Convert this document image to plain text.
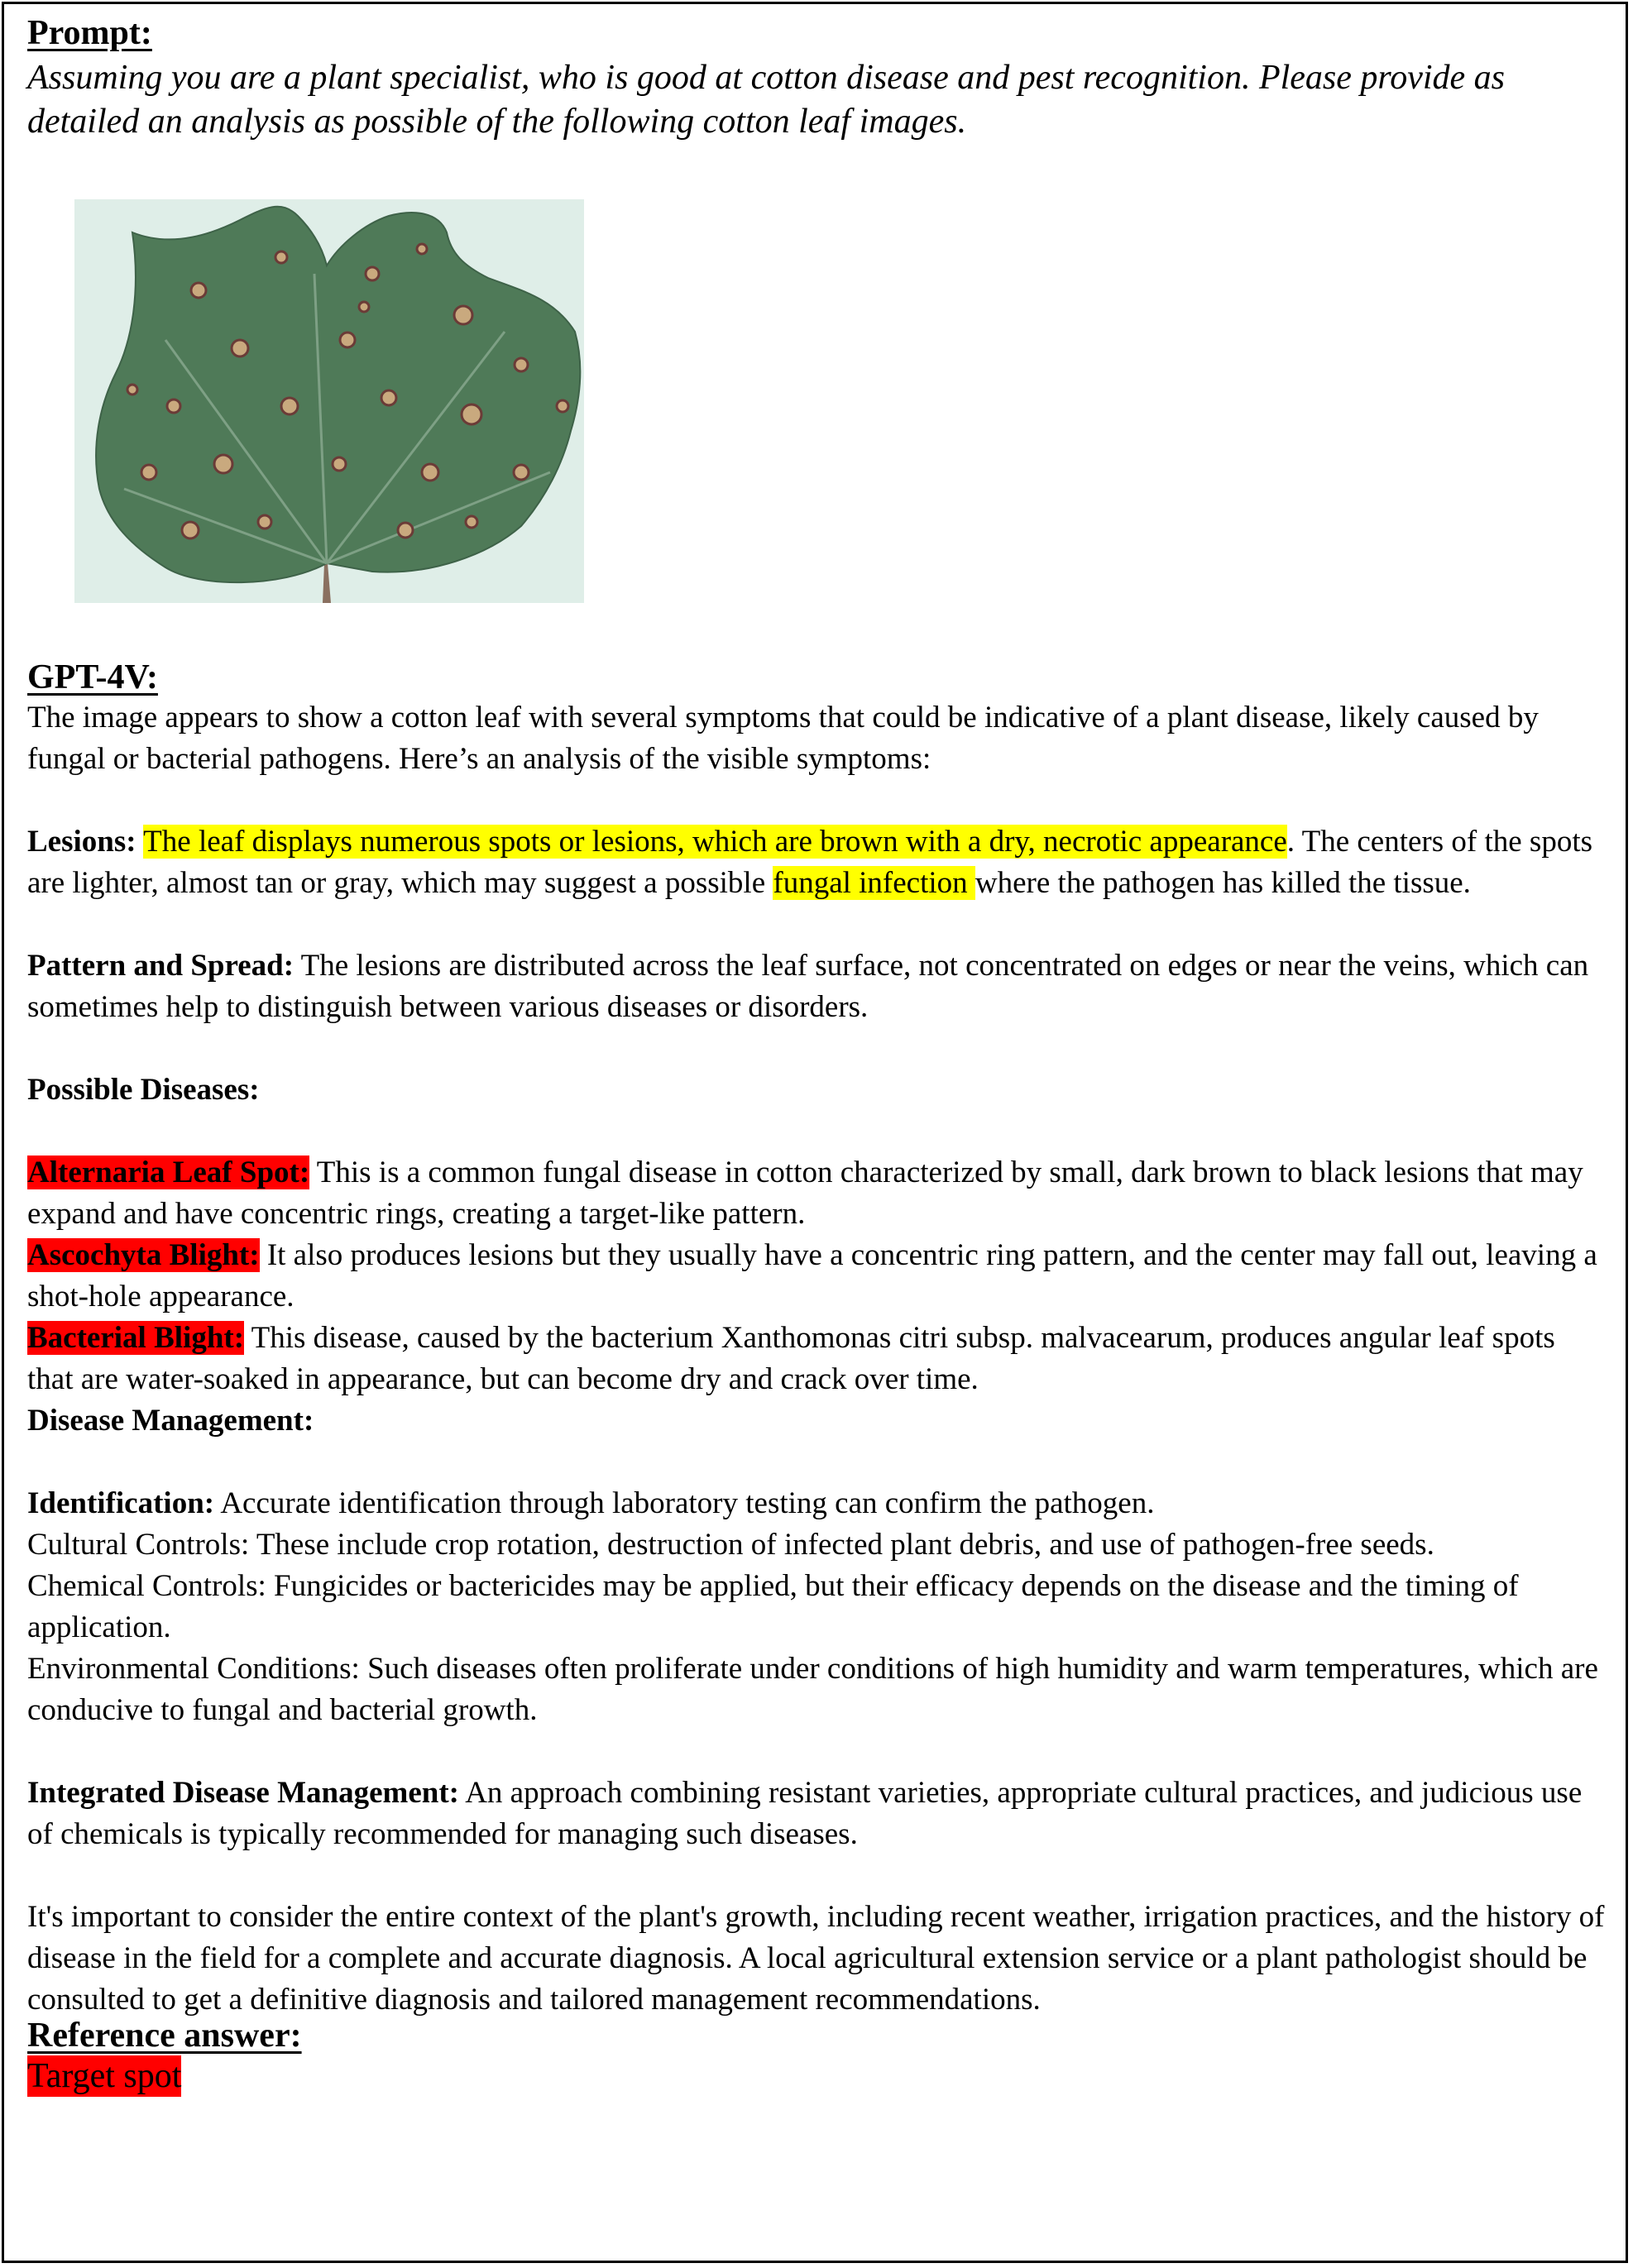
Prompt:
Assuming you are a plant specialist, who is good at cotton disease and pest recognition. Please provide as detailed an analysis as possible of the following cotton leaf images.
GPT-4V:

The image appears to show a cotton leaf with several symptoms that could be indicative of a plant disease, likely caused by fungal or bacterial pathogens. Here’s an analysis of the visible symptoms:

Lesions: The leaf displays numerous spots or lesions, which are brown with a dry, necrotic appearance. The centers of the spots are lighter, almost tan or gray, which may suggest a possible fungal infection where the pathogen has killed the tissue.

Pattern and Spread: The lesions are distributed across the leaf surface, not concentrated on edges or near the veins, which can sometimes help to distinguish between various diseases or disorders.

Possible Diseases:

Alternaria Leaf Spot: This is a common fungal disease in cotton characterized by small, dark brown to black lesions that may expand and have concentric rings, creating a target-like pattern.

Ascochyta Blight: It also produces lesions but they usually have a concentric ring pattern, and the center may fall out, leaving a shot-hole appearance.

Bacterial Blight: This disease, caused by the bacterium Xanthomonas citri subsp. malvacearum, produces angular leaf spots that are water-soaked in appearance, but can become dry and crack over time.

Disease Management:

Identification: Accurate identification through laboratory testing can confirm the pathogen.

Cultural Controls: These include crop rotation, destruction of infected plant debris, and use of pathogen-free seeds.

Chemical Controls: Fungicides or bactericides may be applied, but their efficacy depends on the disease and the timing of application.

Environmental Conditions: Such diseases often proliferate under conditions of high humidity and warm temperatures, which are conducive to fungal and bacterial growth.

Integrated Disease Management: An approach combining resistant varieties, appropriate cultural practices, and judicious use of chemicals is typically recommended for managing such diseases.

It's important to consider the entire context of the plant's growth, including recent weather, irrigation practices, and the history of disease in the field for a complete and accurate diagnosis. A local agricultural extension service or a plant pathologist should be consulted to get a definitive diagnosis and tailored management recommendations.

Reference answer:
Target spot
